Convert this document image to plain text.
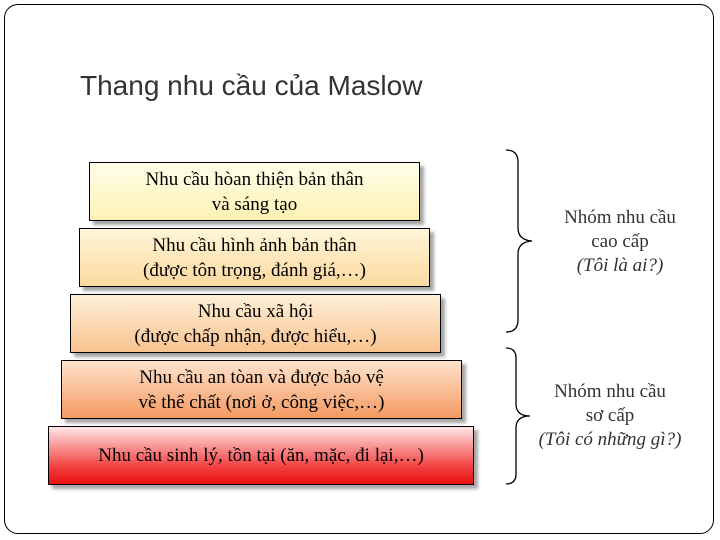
Thang nhu cầu của Maslow
Nhu cầu hòan thiện bản thân
và sáng tạo
Nhu cầu hình ảnh bản thân
(được tôn trọng, đánh giá,…)
Nhu cầu xã hội
(được chấp nhận, được hiểu,…)
Nhu cầu an tòan và được bảo vệ
về thể chất (nơi ở, công việc,…)
Nhu cầu sinh lý, tồn tại (ăn, mặc, đi lại,…)
Nhóm nhu cầu
cao cấp
(Tôi là ai?)
Nhóm nhu cầu
sơ cấp
(Tôi có những gì?)
